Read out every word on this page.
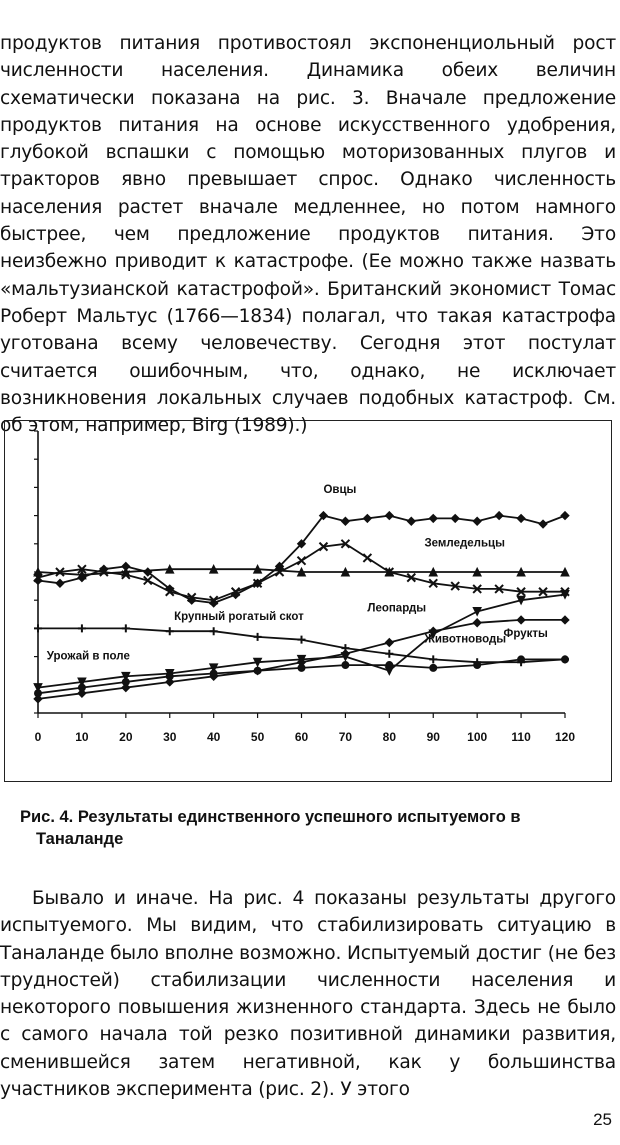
продуктов питания противостоял экспоненциольный рост численности населения. Динамика обеих величин схематически показана на рис. 3. Вначале предложение продуктов питания на основе искусственного удобрения, глубокой вспашки с помощью моторизованных плугов и тракторов явно превышает спрос. Однако численность населения растет вначале медленнее, но потом намного быстрее, чем предложение продуктов питания. Это неизбежно приводит к катастрофе. (Ее можно также назвать «мальтузианской катастрофой». Британский экономист Томас Роберт Мальтус (1766—1834) полагал, что такая катастрофа уготована всему человечеству. Сегодня этот постулат считается ошибочным, что, однако, не исключает возникновения локальных случаев подобных катастроф. См. об этом, например, Birg (1989).)
0	10	20	30	40	50	60	70	80	90 100 110 120
Овцы
Земледельцы
Крупный рогатый скот
Леопарды
Фрукты
Животноводы
Урожай в поле
Рис. 4. Результаты единственного успешного испытуемого в
Таналанде
Бывало и иначе. На рис. 4 показаны результаты другого испытуемого. Мы видим, что стабилизировать ситуацию в Таналанде было вполне возможно. Испытуемый достиг (не без трудностей) стабилизации численности населения и некоторого повышения жизненного стандарта. Здесь не было с самого начала той резко позитивной динамики развития, сменившейся затем негативной, как у большинства участников эксперимента (рис. 2). У этого
25
